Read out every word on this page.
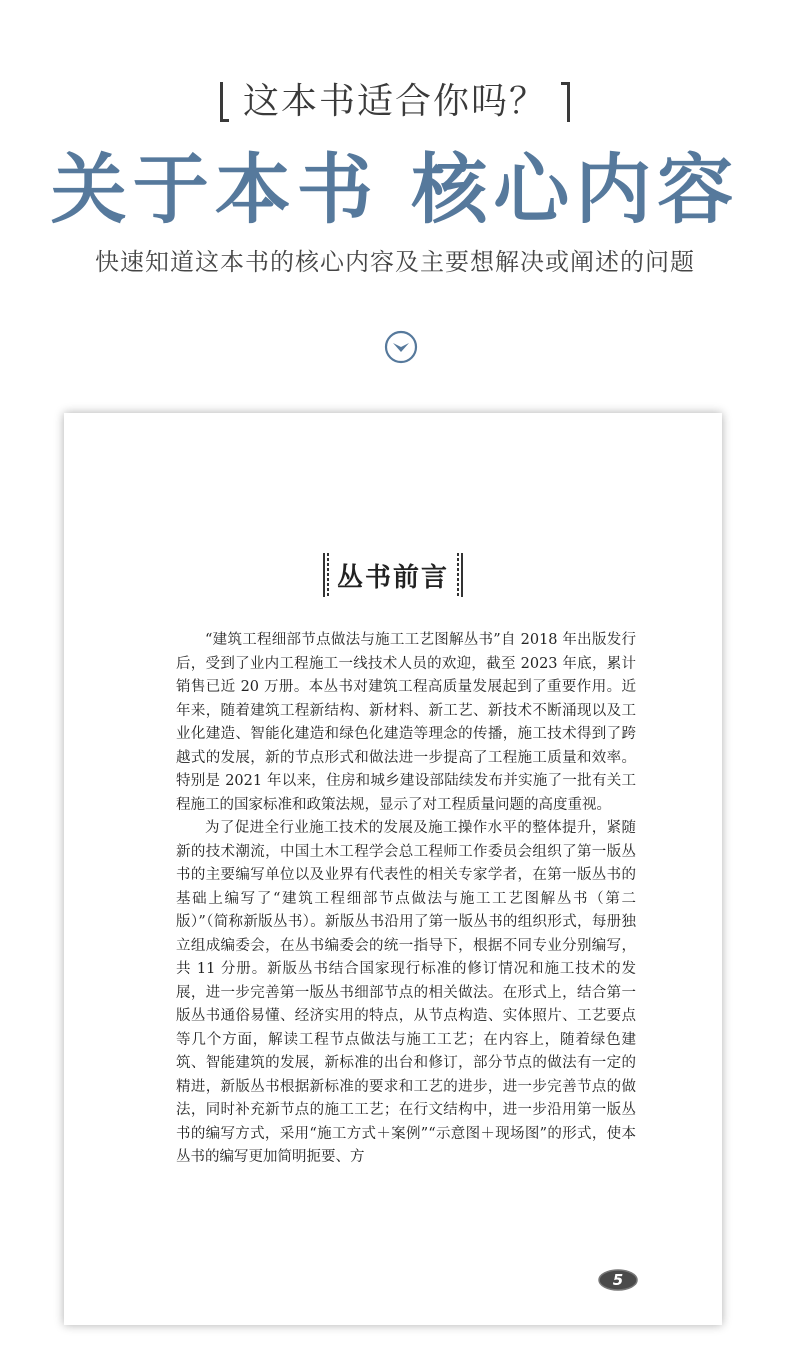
这本书适合你吗？
关于本书 核心内容
快速知道这本书的核心内容及主要想解决或阐述的问题
丛书前言

“建筑工程细部节点做法与施工工艺图解丛书”自 2018 年出版发行后，受到了业内工程施工一线技术人员的欢迎，截至 2023 年底，累计销售已近 20 万册。本丛书对建筑工程高质量发展起到了重要作用。近年来，随着建筑工程新结构、新材料、新工艺、新技术不断涌现以及工业化建造、智能化建造和绿色化建造等理念的传播，施工技术得到了跨越式的发展，新的节点形式和做法进一步提高了工程施工质量和效率。特别是 2021 年以来，住房和城乡建设部陆续发布并实施了一批有关工程施工的国家标准和政策法规，显示了对工程质量问题的高度重视。

为了促进全行业施工技术的发展及施工操作水平的整体提升，紧随新的技术潮流，中国土木工程学会总工程师工作委员会组织了第一版丛书的主要编写单位以及业界有代表性的相关专家学者，在第一版丛书的基础上编写了“建筑工程细部节点做法与施工工艺图解丛书（第二版）”（简称新版丛书）。新版丛书沿用了第一版丛书的组织形式，每册独立组成编委会，在丛书编委会的统一指导下，根据不同专业分别编写，共 11 分册。新版丛书结合国家现行标准的修订情况和施工技术的发展，进一步完善第一版丛书细部节点的相关做法。在形式上，结合第一版丛书通俗易懂、经济实用的特点，从节点构造、实体照片、工艺要点等几个方面，解读工程节点做法与施工工艺；在内容上，随着绿色建筑、智能建筑的发展，新标准的出台和修订，部分节点的做法有一定的精进，新版丛书根据新标准的要求和工艺的进步，进一步完善节点的做法，同时补充新节点的施工工艺；在行文结构中，进一步沿用第一版丛书的编写方式，采用“施工方式＋案例”“示意图＋现场图”的形式，使本丛书的编写更加简明扼要、方

5
